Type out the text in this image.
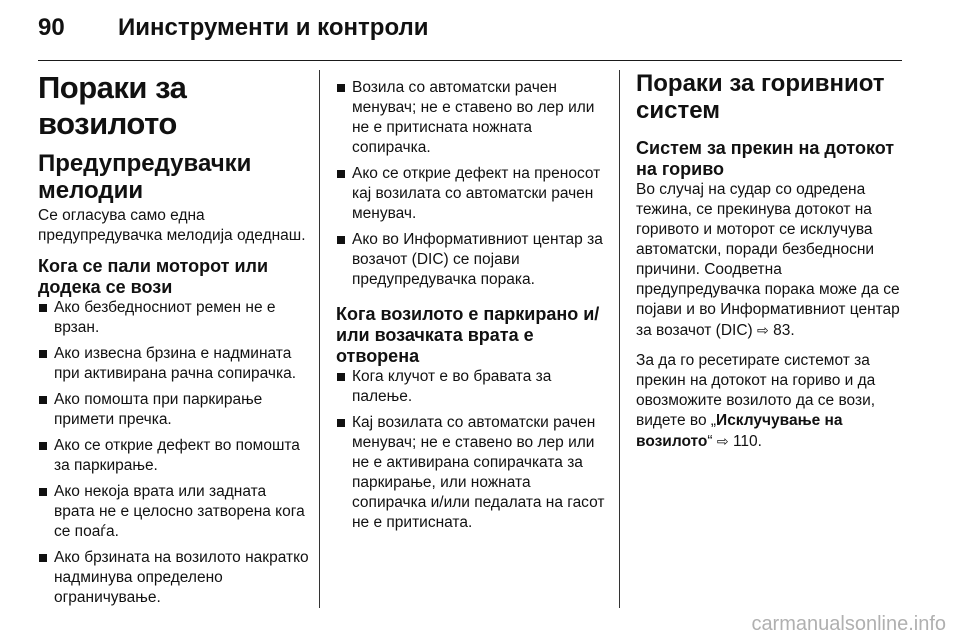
90 Иинструменти и контроли
Пораки за возилото
Предупредувачки мелодии

Се огласува само една предупредувачка мелодија одеднаш.

Кога се пали моторот или додека се вози
Ако безбедносниот ремен не е врзан.
Ако извесна брзина е надмината при активирана рачна сопирачка.
Ако помошта при паркирање примети пречка.
Ако се открие дефект во помошта за паркирање.
Ако некоја врата или задната врата не е целосно затворена кога се поаѓа.
Ако брзината на возилото накратко надминува определено ограничување.
Возила со автоматски рачен менувач; не е ставено во лер или не е притисната ножната сопирачка.
Ако се открие дефект на преносот кај возилата со автоматски рачен менувач.
Ако во Информативниот центар за возачот (DIC) се појави предупредувачка порака.
Кога возилото е паркирано и/или возачката врата е отворена
Кога клучот е во бравата за палење.
Кај возилата со автоматски рачен менувач; не е ставено во лер или не е активирана сопирачката за паркирање, или ножната сопирачка и/или педалата на гасот не е притисната.
Пораки за горивниот систем
Систем за прекин на дотокот на гориво

Во случај на судар со одредена тежина, се прекинува дотокот на горивото и моторот се исклучува автоматски, поради безбедносни причини. Соодветна предупредувачка порака може да се појави и во Информативниот центар за возачот (DIC) ⇨ 83.

За да го ресетирате системот за прекин на дотокот на гориво и да овозможите возилото да се вози, видете во „Исклучување на возилото“ ⇨ 110.

carmanualsonline.info
